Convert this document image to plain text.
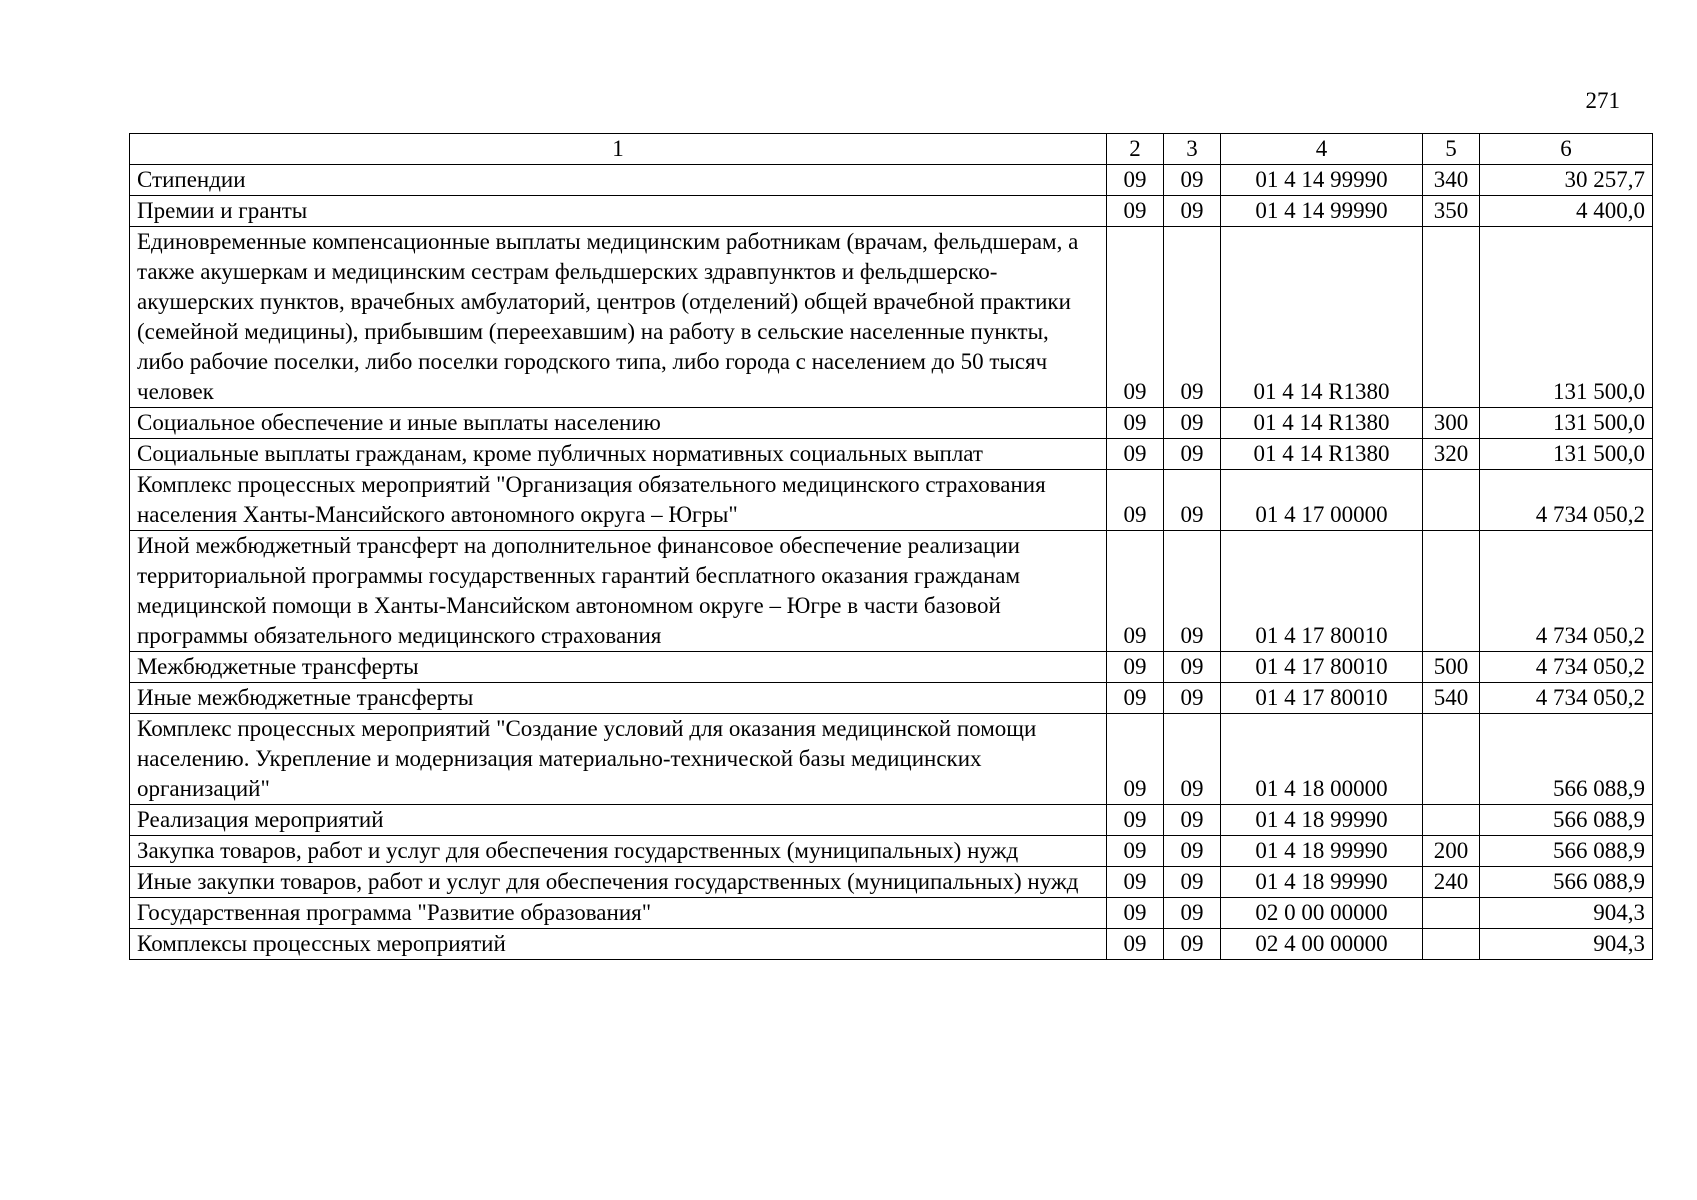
271
1	2	3	4	5	6
Стипендии	09	09	01 4 14 99990	340	30 257,7
Премии и гранты	09	09	01 4 14 99990	350	4 400,0
Единовременные компенсационные выплаты медицинским работникам (врачам, фельдшерам, а также акушеркам и медицинским сестрам фельдшерских здравпунктов и фельдшерско-акушерских пунктов, врачебных амбулаторий, центров (отделений) общей врачебной практики (семейной медицины), прибывшим (переехавшим) на работу в сельские населенные пункты, либо рабочие поселки, либо поселки городского типа, либо города с населением до 50 тысяч человек	09	09	01 4 14 R1380		131 500,0
Социальное обеспечение и иные выплаты населению	09	09	01 4 14 R1380	300	131 500,0
Социальные выплаты гражданам, кроме публичных нормативных социальных выплат	09	09	01 4 14 R1380	320	131 500,0
Комплекс процессных мероприятий "Организация обязательного медицинского страхования населения Ханты-Мансийского автономного округа – Югры"	09	09	01 4 17 00000		4 734 050,2
Иной межбюджетный трансферт на дополнительное финансовое обеспечение реализации территориальной программы государственных гарантий бесплатного оказания гражданам медицинской помощи в Ханты-Мансийском автономном округе – Югре в части базовой программы обязательного медицинского страхования	09	09	01 4 17 80010		4 734 050,2
Межбюджетные трансферты	09	09	01 4 17 80010	500	4 734 050,2
Иные межбюджетные трансферты	09	09	01 4 17 80010	540	4 734 050,2
Комплекс процессных мероприятий "Создание условий для оказания медицинской помощи населению. Укрепление и модернизация материально-технической базы медицинских организаций"	09	09	01 4 18 00000		566 088,9
Реализация мероприятий	09	09	01 4 18 99990		566 088,9
Закупка товаров, работ и услуг для обеспечения государственных (муниципальных) нужд	09	09	01 4 18 99990	200	566 088,9
Иные закупки товаров, работ и услуг для обеспечения государственных (муниципальных) нужд	09	09	01 4 18 99990	240	566 088,9
Государственная программа "Развитие образования"	09	09	02 0 00 00000		904,3
Комплексы процессных мероприятий	09	09	02 4 00 00000		904,3
